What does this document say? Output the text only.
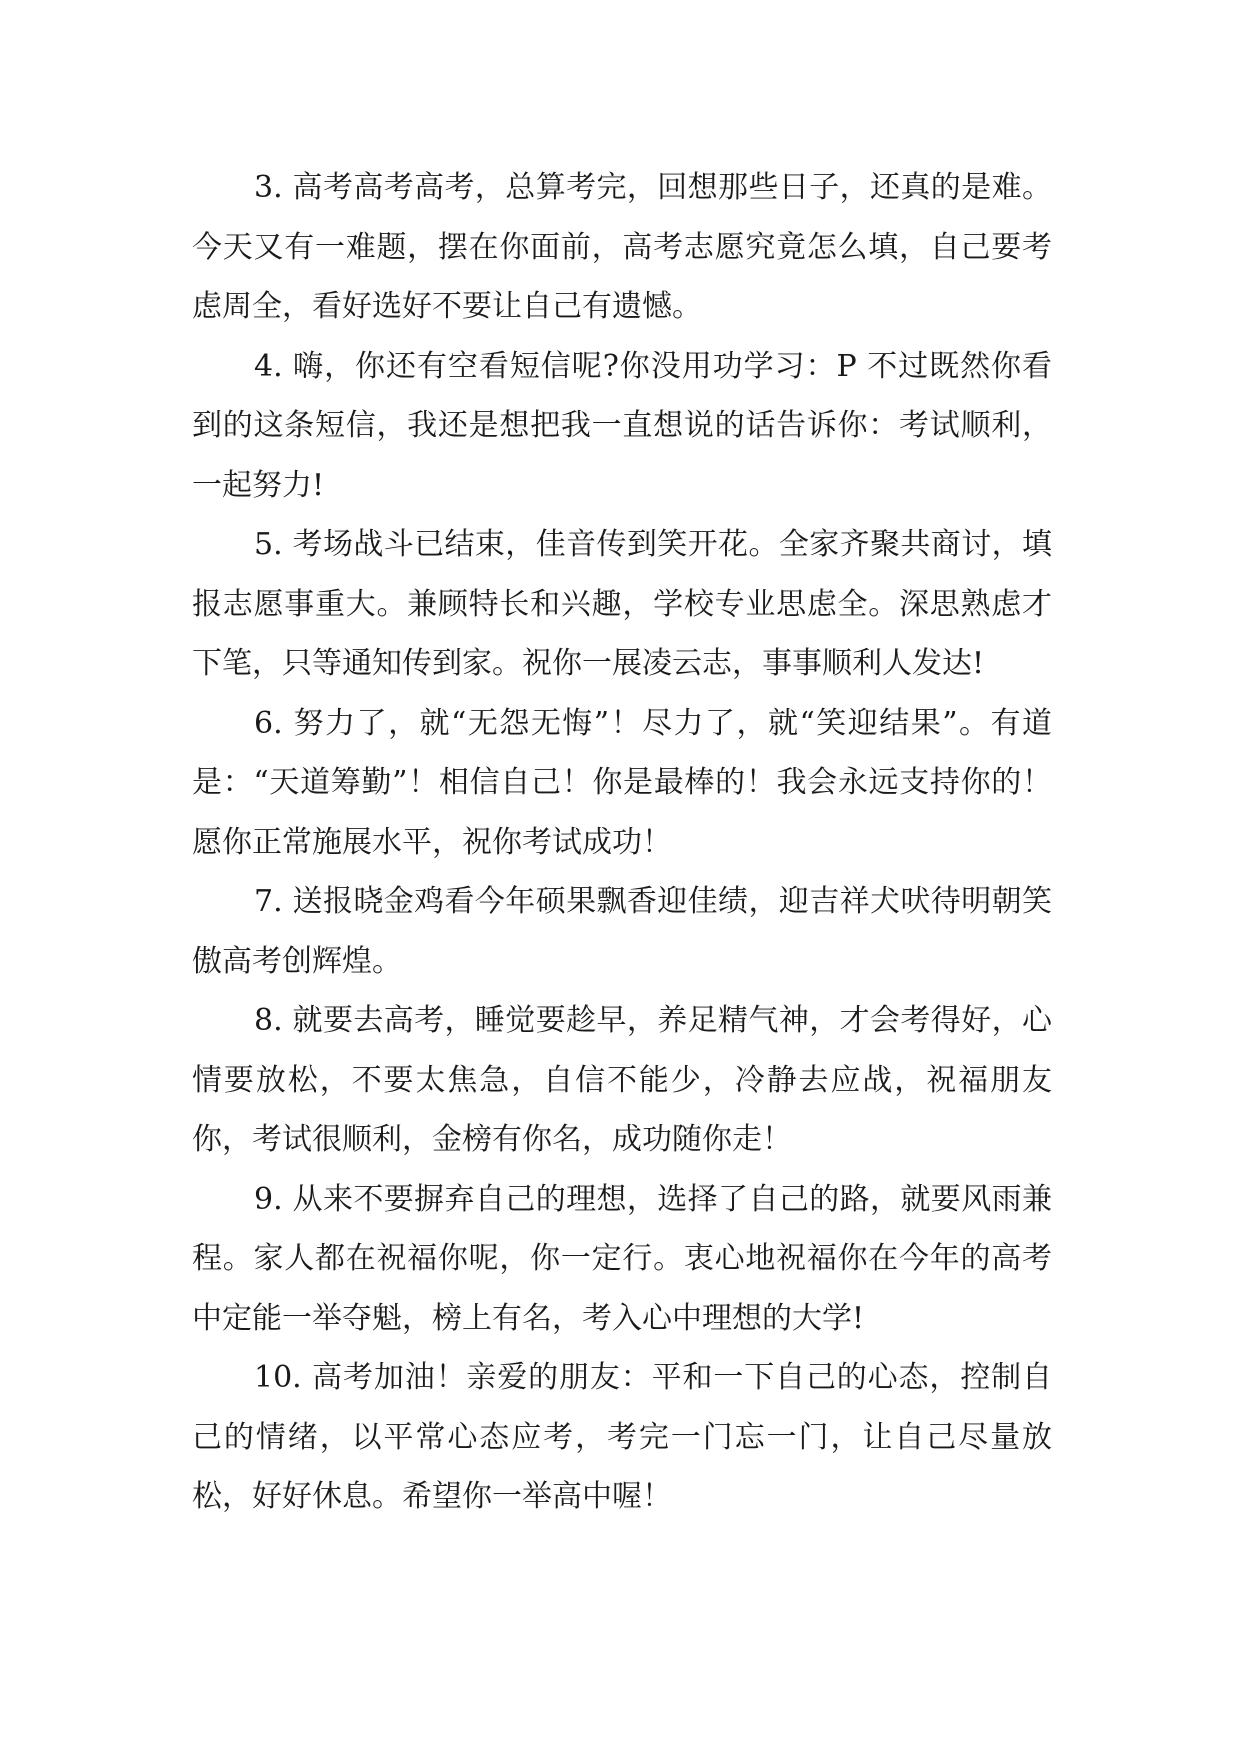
3. 高考高考高考，总算考完，回想那些日子，还真的是难。今天又有一难题，摆在你面前，高考志愿究竟怎么填，自己要考虑周全，看好选好不要让自己有遗憾。

4. 嗨，你还有空看短信呢?你没用功学习：P 不过既然你看到的这条短信，我还是想把我一直想说的话告诉你：考试顺利，一起努力!

5. 考场战斗已结束，佳音传到笑开花。全家齐聚共商讨，填报志愿事重大。兼顾特长和兴趣，学校专业思虑全。深思熟虑才下笔，只等通知传到家。祝你一展凌云志，事事顺利人发达!

6. 努力了，就“无怨无悔”！尽力了，就“笑迎结果”。有道是：“天道筹勤”！相信自己！你是最棒的！我会永远支持你的！愿你正常施展水平，祝你考试成功！

7. 送报晓金鸡看今年硕果飘香迎佳绩，迎吉祥犬吠待明朝笑傲高考创辉煌。

8. 就要去高考，睡觉要趁早，养足精气神，才会考得好，心情要放松，不要太焦急，自信不能少，冷静去应战，祝福朋友你，考试很顺利，金榜有你名，成功随你走！

9. 从来不要摒弃自己的理想，选择了自己的路，就要风雨兼程。家人都在祝福你呢，你一定行。衷心地祝福你在今年的高考中定能一举夺魁，榜上有名，考入心中理想的大学!

10. 高考加油！亲爱的朋友：平和一下自己的心态，控制自己的情绪，以平常心态应考，考完一门忘一门，让自己尽量放松，好好休息。希望你一举高中喔！
